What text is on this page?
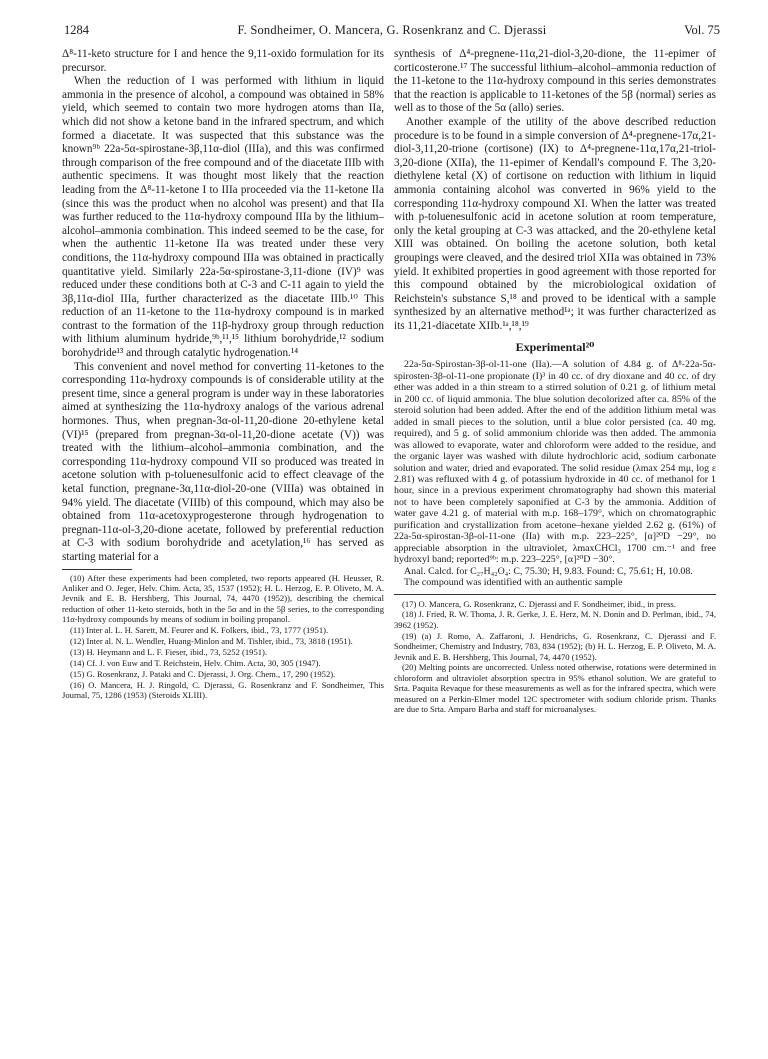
1284	F. Sondheimer, O. Mancera, G. Rosenkranz and C. Djerassi	Vol. 75

Δ⁸-11-keto structure for I and hence the 9,11-oxido formulation for its precursor.

When the reduction of I was performed with lithium in liquid ammonia in the presence of alcohol, a compound was obtained in 58% yield, which seemed to contain two more hydrogen atoms than IIa, which did not show a ketone band in the infrared spectrum, and which formed a diacetate. It was suspected that this substance was the known⁹ᵇ 22a-5α-spirostane-3β,11α-diol (IIIa), and this was confirmed through comparison of the free compound and of the diacetate IIIb with authentic specimens. It was thought most likely that the reaction leading from the Δ⁸-11-ketone I to IIIa proceeded via the 11-ketone IIa (since this was the product when no alcohol was present) and that IIa was further reduced to the 11α-hydroxy compound IIIa by the lithium–alcohol–ammonia combination. This indeed seemed to be the case, for when the authentic 11-ketone IIa was treated under these very conditions, the 11α-hydroxy compound IIIa was obtained in practically quantitative yield. Similarly 22a-5α-spirostane-3,11-dione (IV)⁹ was reduced under these conditions both at C-3 and C-11 again to yield the 3β,11α-diol IIIa, further characterized as the diacetate IIIb.¹⁰ This reduction of an 11-ketone to the 11α-hydroxy compound is in marked contrast to the formation of the 11β-hydroxy group through reduction with lithium aluminum hydride,⁹ᵇ,¹¹,¹⁵ lithium borohydride,¹² sodium borohydride¹³ and through catalytic hydrogenation.¹⁴

This convenient and novel method for converting 11-ketones to the corresponding 11α-hydroxy compounds is of considerable utility at the present time, since a general program is under way in these laboratories aimed at synthesizing the 11α-hydroxy analogs of the various adrenal hormones. Thus, when pregnan-3α-ol-11,20-dione 20-ethylene ketal (VI)¹⁵ (prepared from pregnan-3α-ol-11,20-dione acetate (V)) was treated with the lithium–alcohol–ammonia combination, and the corresponding 11α-hydroxy compound VII so produced was treated in acetone solution with p-toluenesulfonic acid to effect cleavage of the ketal function, pregnane-3α,11α-diol-20-one (VIIIa) was obtained in 94% yield. The diacetate (VIIIb) of this compound, which may also be obtained from 11α-acetoxyprogesterone through hydrogenation to pregnan-11α-ol-3,20-dione acetate, followed by preferential reduction at C-3 with sodium borohydride and acetylation,¹⁶ has served as starting material for a

(10) After these experiments had been completed, two reports appeared (H. Heusser, R. Anliker and O. Jeger, Helv. Chim. Acta, 35, 1537 (1952); H. L. Herzog, E. P. Oliveto, M. A. Jevnik and E. B. Hershberg, This Journal, 74, 4470 (1952)), describing the chemical reduction of other 11-keto steroids, both in the 5α and in the 5β series, to the corresponding 11α-hydroxy compounds by means of sodium in boiling propanol.

(11) Inter al. L. H. Sarett, M. Feurer and K. Folkers, ibid., 73, 1777 (1951).

(12) Inter al. N. L. Wendler, Huang-Minlon and M. Tishler, ibid., 73, 3818 (1951).

(13) H. Heymann and L. F. Fieser, ibid., 73, 5252 (1951).

(14) Cf. J. von Euw and T. Reichstein, Helv. Chim. Acta, 30, 305 (1947).

(15) G. Rosenkranz, J. Pataki and C. Djerassi, J. Org. Chem., 17, 290 (1952).

(16) O. Mancera, H. J. Ringold, C. Djerassi, G. Rosenkranz and F. Sondheimer, This Journal, 75, 1286 (1953) (Steroids XLIII).

synthesis of Δ⁴-pregnene-11α,21-diol-3,20-dione, the 11-epimer of corticosterone.¹⁷ The successful lithium–alcohol–ammonia reduction of the 11-ketone to the 11α-hydroxy compound in this series demonstrates that the reaction is applicable to 11-ketones of the 5β (normal) series as well as to those of the 5α (allo) series.

Another example of the utility of the above described reduction procedure is to be found in a simple conversion of Δ⁴-pregnene-17α,21-diol-3,11,20-trione (cortisone) (IX) to Δ⁴-pregnene-11α,17α,21-triol-3,20-dione (XIIa), the 11-epimer of Kendall's compound F. The 3,20-diethylene ketal (X) of cortisone on reduction with lithium in liquid ammonia containing alcohol was converted in 96% yield to the corresponding 11α-hydroxy compound XI. When the latter was treated with p-toluenesulfonic acid in acetone solution at room temperature, only the ketal grouping at C-3 was attacked, and the 20-ethylene ketal XIII was obtained. On boiling the acetone solution, both ketal groupings were cleaved, and the desired triol XIIa was obtained in 73% yield. It exhibited properties in good agreement with those reported for this compound obtained by the microbiological oxidation of Reichstein's substance S,¹⁸ and proved to be identical with a sample synthesized by an alternative method¹ᵃ; it was further characterized as its 11,21-diacetate XIIb.¹ᵃ,¹⁸,¹⁹

Experimental²⁰

22a-5α-Spirostan-3β-ol-11-one (IIa).—A solution of 4.84 g. of Δ⁸-22a-5α-spirosten-3β-ol-11-one propionate (I)³ in 40 cc. of dry dioxane and 40 cc. of dry ether was added in a thin stream to a stirred solution of 0.21 g. of lithium metal in 200 cc. of liquid ammonia. The blue solution decolorized after ca. 85% of the steroid solution had been added. After the end of the addition lithium metal was added in small pieces to the solution, until a blue color persisted (ca. 40 mg. required), and 5 g. of solid ammonium chloride was then added. The ammonia was allowed to evaporate, water and chloroform were added to the residue, and the organic layer was washed with dilute hydrochloric acid, sodium carbonate solution and water, dried and evaporated. The solid residue (λmax 254 mμ, log ε 2.81) was refluxed with 4 g. of potassium hydroxide in 40 cc. of methanol for 1 hour, since in a previous experiment chromatography had shown this material not to have been completely saponified at C-3 by the ammonia. Addition of water gave 4.21 g. of material with m.p. 168–179°, which on chromatographic purification and crystallization from acetone–hexane yielded 2.62 g. (61%) of 22a-5α-spirostan-3β-ol-11-one (IIa) with m.p. 223–225°, [α]²⁰D −29°, no appreciable absorption in the ultraviolet, λmaxCHCl₃ 1700 cm.⁻¹ and free hydroxyl band; reported⁹ᵇ: m.p. 223–225°, [α]²⁰D −30°.

Anal. Calcd. for C₂₇H₄₂O₄: C, 75.30; H, 9.83. Found: C, 75.61; H, 10.08.

The compound was identified with an authentic sample

(17) O. Mancera, G. Rosenkranz, C. Djerassi and F. Sondheimer, ibid., in press.

(18) J. Fried, R. W. Thoma, J. R. Gerke, J. E. Herz, M. N. Donin and D. Perlman, ibid., 74, 3962 (1952).

(19) (a) J. Romo, A. Zaffaroni, J. Hendrichs, G. Rosenkranz, C. Djerassi and F. Sondheimer, Chemistry and Industry, 783, 834 (1952); (b) H. L. Herzog, E. P. Oliveto, M. A. Jevnik and E. B. Hershberg, This Journal, 74, 4470 (1952).

(20) Melting points are uncorrected. Unless noted otherwise, rotations were determined in chloroform and ultraviolet absorption spectra in 95% ethanol solution. We are grateful to Srta. Paquita Revaque for these measurements as well as for the infrared spectra, which were measured on a Perkin-Elmer model 12C spectrometer with sodium chloride prism. Thanks are due to Srta. Amparo Barba and staff for microanalyses.
